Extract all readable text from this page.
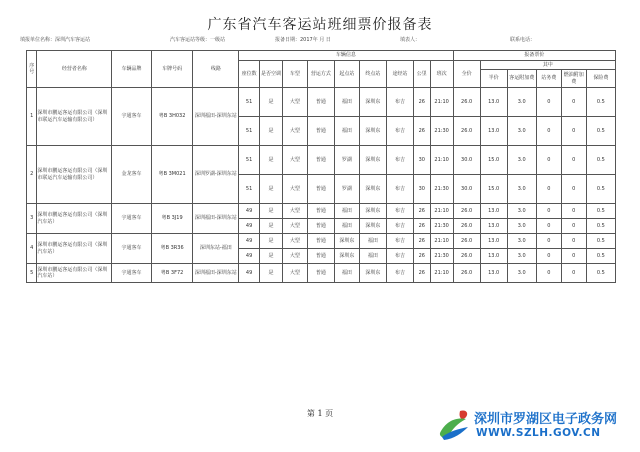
广东省汽车客运站班细票价报备表
填报单位名称：深圳汽车客运站	汽车客运站等级：一级站	报备日期：2017年 月 日	填表人：	联系电话：
序号	经营者名称	车辆品牌	车牌号码	线路	车辆信息									报备票价					
					座位数	是否空调	车型	营运方式	起点站	终点站	途经站	公里	班次	全价	其中				
															半价	客运附加费	站务费	燃油附加费	保险费
1	深圳市鹏运客运有限公司（深圳市联运汽车运输有限公司）	宇通客车	粤B 3H032	深圳福田-深圳东站	51	是	大型	普通	福田	深圳东	布吉	26	21:10	26.0	13.0	3.0	0	0	0.5
					51	是	大型	普通	福田	深圳东	布吉	26	21:30	26.0	13.0	3.0	0	0	0.5
2	深圳市鹏运客运有限公司（深圳市联运汽车运输有限公司）	金龙客车	粤B 3M021	深圳罗湖-深圳东站	51	是	大型	普通	罗湖	深圳东	布吉	30	21:10	30.0	15.0	3.0	0	0	0.5
					51	是	大型	普通	罗湖	深圳东	布吉	30	21:30	30.0	15.0	3.0	0	0	0.5
3	深圳市鹏运客运有限公司（深圳汽车站）	宇通客车	粤B 3J19	深圳福田-深圳东站	49	是	大型	普通	福田	深圳东	布吉	26	21:10	26.0	13.0	3.0	0	0	0.5
					49	是	大型	普通	福田	深圳东	布吉	26	21:30	26.0	13.0	3.0	0	0	0.5
4	深圳市鹏运客运有限公司（深圳汽车站）	宇通客车	粤B 3R36	深圳东站-福田	49	是	大型	普通	深圳东	福田	布吉	26	21:10	26.0	13.0	3.0	0	0	0.5
					49	是	大型	普通	深圳东	福田	布吉	26	21:30	26.0	13.0	3.0	0	0	0.5
5	深圳市鹏运客运有限公司（深圳汽车站）	宇通客车	粤B 3F72	深圳福田-深圳东站	49	是	大型	普通	福田	深圳东	布吉	26	21:10	26.0	13.0	3.0	0	0	0.5
第 1 页	深圳市罗湖区电子政务网
WWW.SZLH.GOV.CN
